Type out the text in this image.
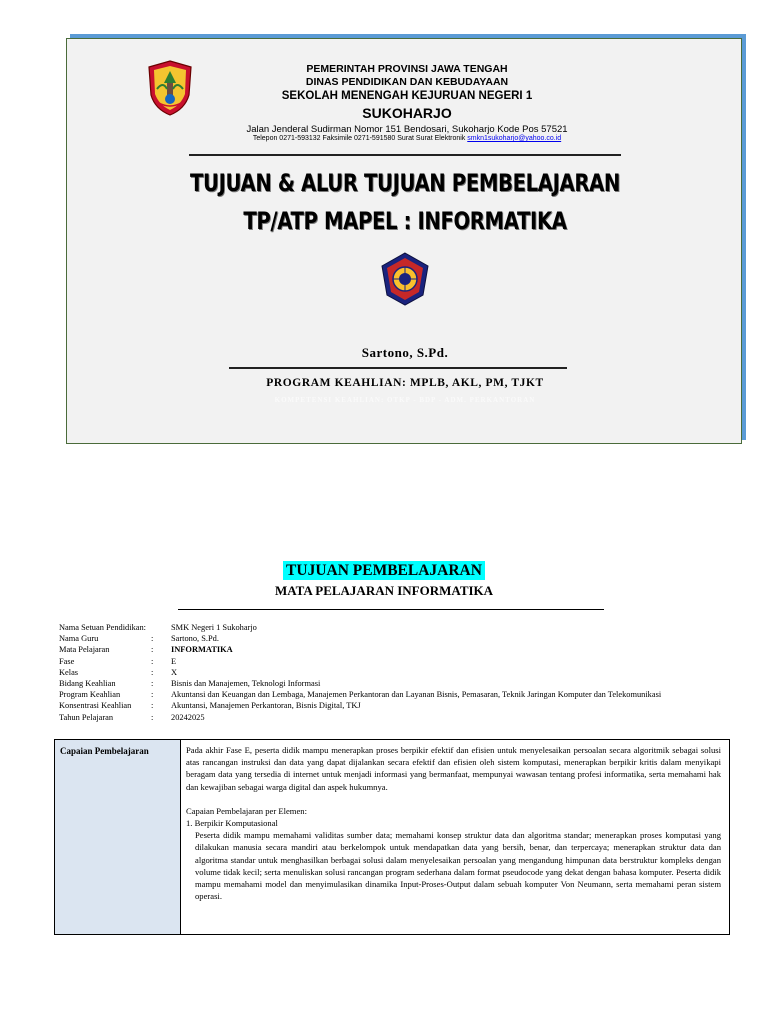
PEMERINTAH PROVINSI JAWA TENGAH
DINAS PENDIDIKAN DAN KEBUDAYAAN
SEKOLAH MENENGAH KEJURUAN NEGERI 1
SUKOHARJO
Jalan Jenderal Sudirman Nomor 151 Bendosari, Sukoharjo Kode Pos 57521
Telepon 0271-593132 Faksimile 0271-591580 Surat Surat Elektronik smkn1sukoharjo@yahoo.co.id
TUJUAN & ALUR TUJUAN PEMBELAJARAN
TP/ATP MAPEL : INFORMATIKA
Sartono, S.Pd.
PROGRAM KEAHLIAN: MPLB, AKL, PM, TJKT
KOMPETENSI KEAHLIAN: OTKP - BDP - ADM. PERKANTORAN
TUJUAN PEMBELAJARAN
MATA PELAJARAN INFORMATIKA
Nama Setuan Pendidikan:	SMK Negeri 1 Sukoharjo
Nama Guru	:	Sartono, S.Pd.
Mata Pelajaran	:	INFORMATIKA
Fase	:	E
Kelas	:	X
Bidang Keahlian	:	Bisnis dan Manajemen, Teknologi Informasi
Program Keahlian	:	Akuntansi dan Keuangan dan Lembaga, Manajemen Perkantoran dan Layanan Bisnis, Pemasaran, Teknik Jaringan Komputer dan Telekomunikasi
Konsentrasi Keahlian	:	Akuntansi, Manajemen Perkantoran, Bisnis Digital, TKJ
Tahun Pelajaran	:	20242025
Capaian Pembelajaran	Pada akhir Fase E, peserta didik mampu menerapkan proses berpikir efektif dan efisien untuk menyelesaikan persoalan secara algoritmik sebagai solusi atas rancangan instruksi dan data yang dapat dijalankan secara efektif dan efisien oleh sistem komputasi, menerapkan berpikir kritis dalam menyikapi beragam data yang tersedia di internet untuk menjadi informasi yang bermanfaat, mempunyai wawasan tentang profesi informatika, serta memahami hak dan kewajiban sebagai warga digital dan aspek hukumnya.

Capaian Pembelajaran per Elemen:

1. Berpikir Komputasional

Peserta didik mampu memahami validitas sumber data; memahami konsep struktur data dan algoritma standar; menerapkan proses komputasi yang dilakukan manusia secara mandiri atau berkelompok untuk mendapatkan data yang bersih, benar, dan terpercaya; menerapkan struktur data dan algoritma standar untuk menghasilkan berbagai solusi dalam menyelesaikan persoalan yang mengandung himpunan data berstruktur kompleks dengan volume tidak kecil; serta menuliskan solusi rancangan program sederhana dalam format pseudocode yang dekat dengan bahasa komputer. Peserta didik mampu memahami model dan menyimulasikan dinamika Input-Proses-Output dalam sebuah komputer Von Neumann, serta memahami peran sistem operasi.
